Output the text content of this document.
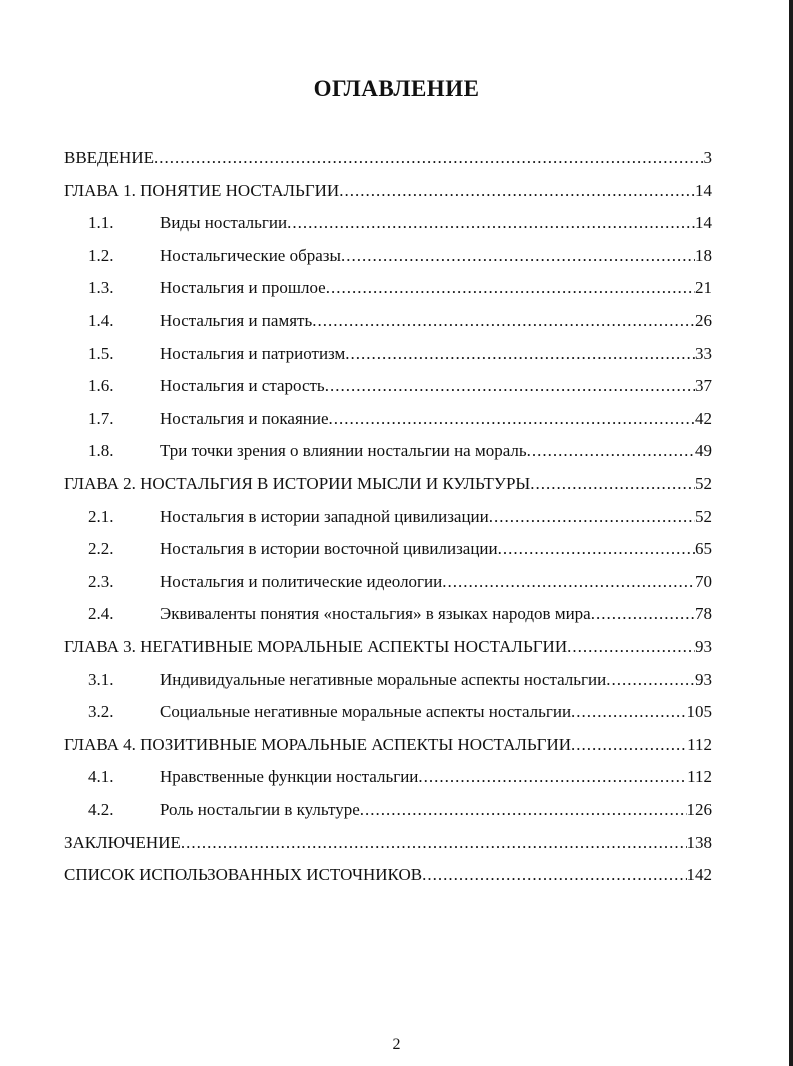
ОГЛАВЛЕНИЕ
ВВЕДЕНИЕ .....	3
ГЛАВА 1. ПОНЯТИЕ НОСТАЛЬГИИ .....	14
1.1.	Виды ностальгии .....	14
1.2.	Ностальгические образы .....	18
1.3.	Ностальгия и прошлое .....	21
1.4.	Ностальгия и память .....	26
1.5.	Ностальгия и патриотизм .....	33
1.6.	Ностальгия и старость .....	37
1.7.	Ностальгия и покаяние .....	42
1.8.	Три точки зрения о влиянии ностальгии на мораль .....	49
ГЛАВА 2. НОСТАЛЬГИЯ В ИСТОРИИ МЫСЛИ И КУЛЬТУРЫ .....	52
2.1.	Ностальгия в истории западной цивилизации .....	52
2.2.	Ностальгия в истории восточной цивилизации .....	65
2.3.	Ностальгия и политические идеологии .....	70
2.4.	Эквиваленты понятия «ностальгия» в языках народов мира .....	78
ГЛАВА 3. НЕГАТИВНЫЕ МОРАЛЬНЫЕ АСПЕКТЫ НОСТАЛЬГИИ .....	93
3.1.	Индивидуальные негативные моральные аспекты ностальгии .....	93
3.2.	Социальные негативные моральные аспекты ностальгии .....	105
ГЛАВА 4. ПОЗИТИВНЫЕ МОРАЛЬНЫЕ АСПЕКТЫ НОСТАЛЬГИИ .....	112
4.1.	Нравственные функции ностальгии .....	112
4.2.	Роль ностальгии в культуре .....	126
ЗАКЛЮЧЕНИЕ .....	138
СПИСОК ИСПОЛЬЗОВАННЫХ ИСТОЧНИКОВ .....	142
2
